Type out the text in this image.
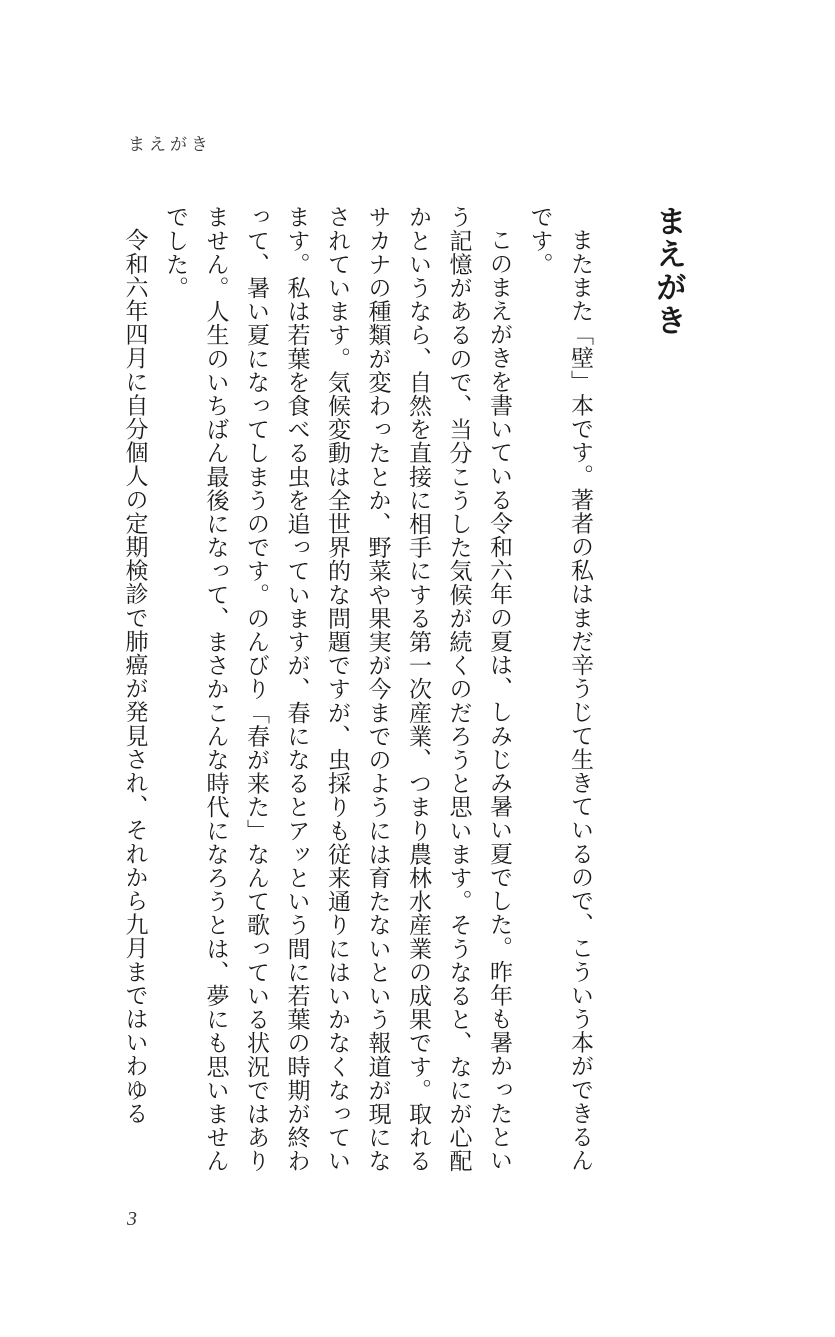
まえがき
まえがき

またまた「壁」本です。著者の私はまだ辛うじて生きているので、こういう本ができるんです。

このまえがきを書いている令和六年の夏は、しみじみ暑い夏でした。昨年も暑かったという記憶があるので、当分こうした気候が続くのだろうと思います。そうなると、なにが心配かというなら、自然を直接に相手にする第一次産業、つまり農林水産業の成果です。取れるサカナの種類が変わったとか、野菜や果実が今までのようには育たないという報道が現になされています。気候変動は全世界的な問題ですが、虫採りも従来通りにはいかなくなっています。私は若葉を食べる虫を追っていますが、春になるとアッという間に若葉の時期が終わって、暑い夏になってしまうのです。のんびり「春が来た」なんて歌っている状況ではありません。人生のいちばん最後になって、まさかこんな時代になろうとは、夢にも思いませんでした。

令和六年四月に自分個人の定期検診で肺癌が発見され、それから九月まではいわゆる

3
